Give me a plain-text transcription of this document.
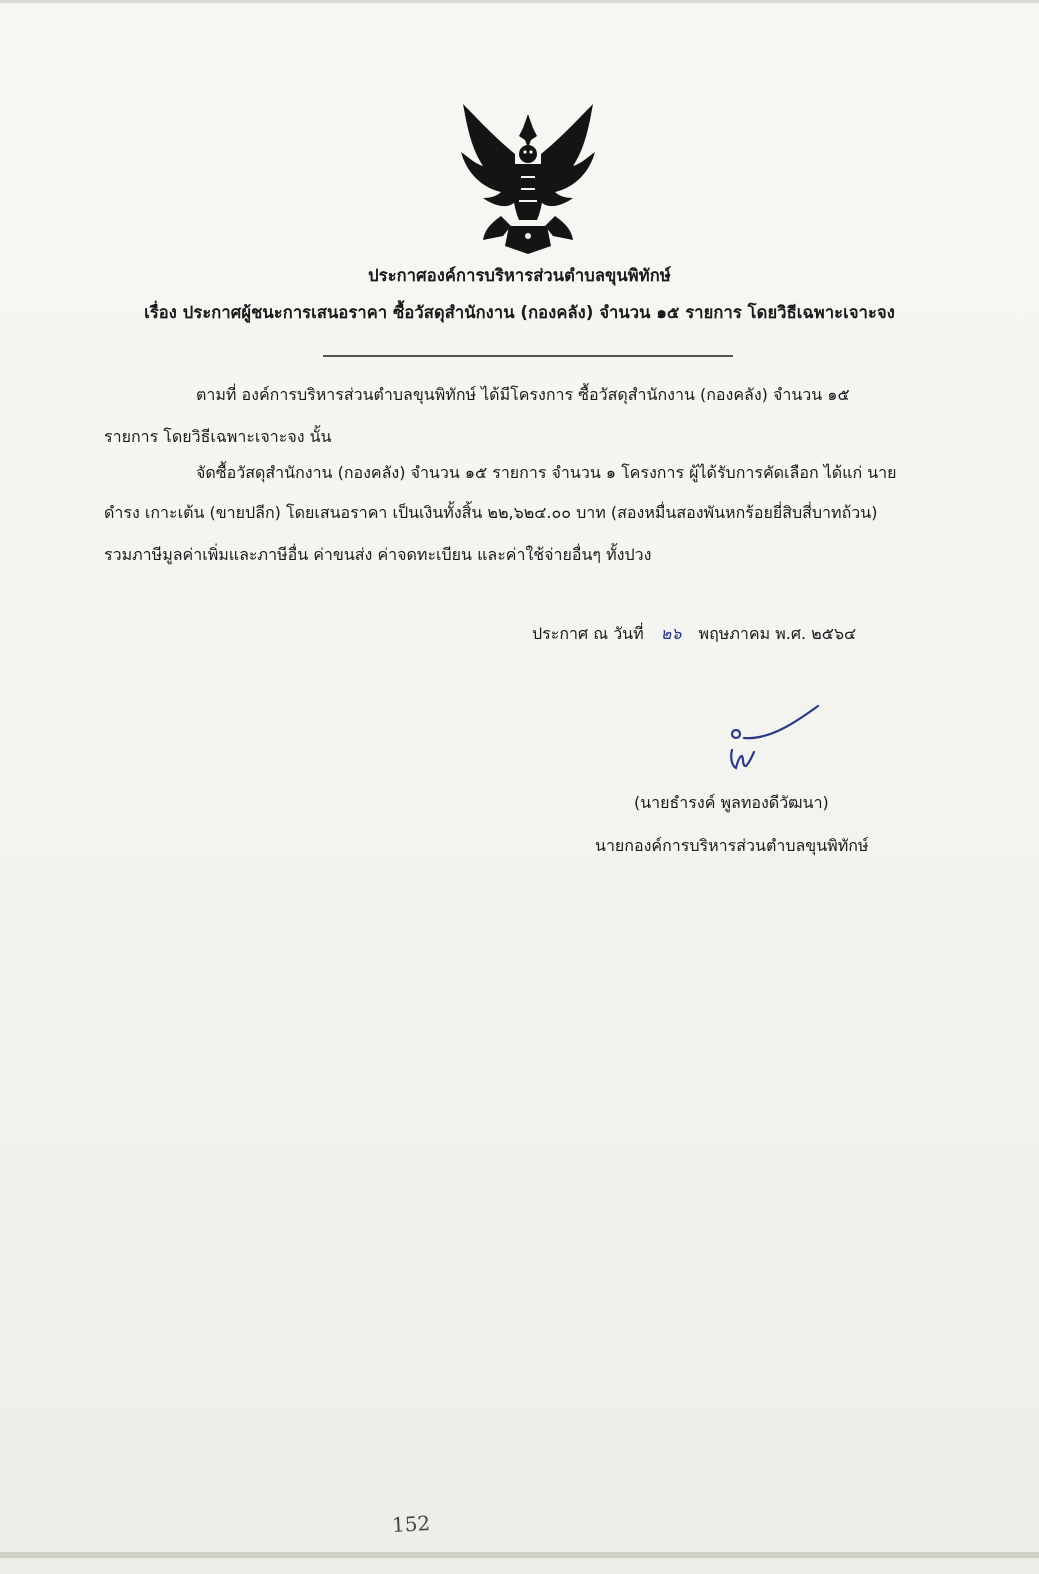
ประกาศองค์การบริหารส่วนตำบลขุนพิทักษ์
เรื่อง ประกาศผู้ชนะการเสนอราคา ซื้อวัสดุสำนักงาน (กองคลัง) จำนวน ๑๕ รายการ โดยวิธีเฉพาะเจาะจง
ตามที่ องค์การบริหารส่วนตำบลขุนพิทักษ์ ได้มีโครงการ ซื้อวัสดุสำนักงาน (กองคลัง) จำนวน ๑๕
รายการ โดยวิธีเฉพาะเจาะจง นั้น
จัดซื้อวัสดุสำนักงาน (กองคลัง) จำนวน ๑๕ รายการ จำนวน ๑ โครงการ ผู้ได้รับการคัดเลือก ได้แก่ นาย
ดำรง เกาะเต้น (ขายปลีก) โดยเสนอราคา เป็นเงินทั้งสิ้น ๒๒,๖๒๔.๐๐ บาท (สองหมื่นสองพันหกร้อยยี่สิบสี่บาทถ้วน)
รวมภาษีมูลค่าเพิ่มและภาษีอื่น ค่าขนส่ง ค่าจดทะเบียน และค่าใช้จ่ายอื่นๆ ทั้งปวง
ประกาศ ณ วันที่ ๒๖ พฤษภาคม พ.ศ. ๒๕๖๔
(นายธำรงค์ พูลทองดีวัฒนา)
นายกองค์การบริหารส่วนตำบลขุนพิทักษ์
152
